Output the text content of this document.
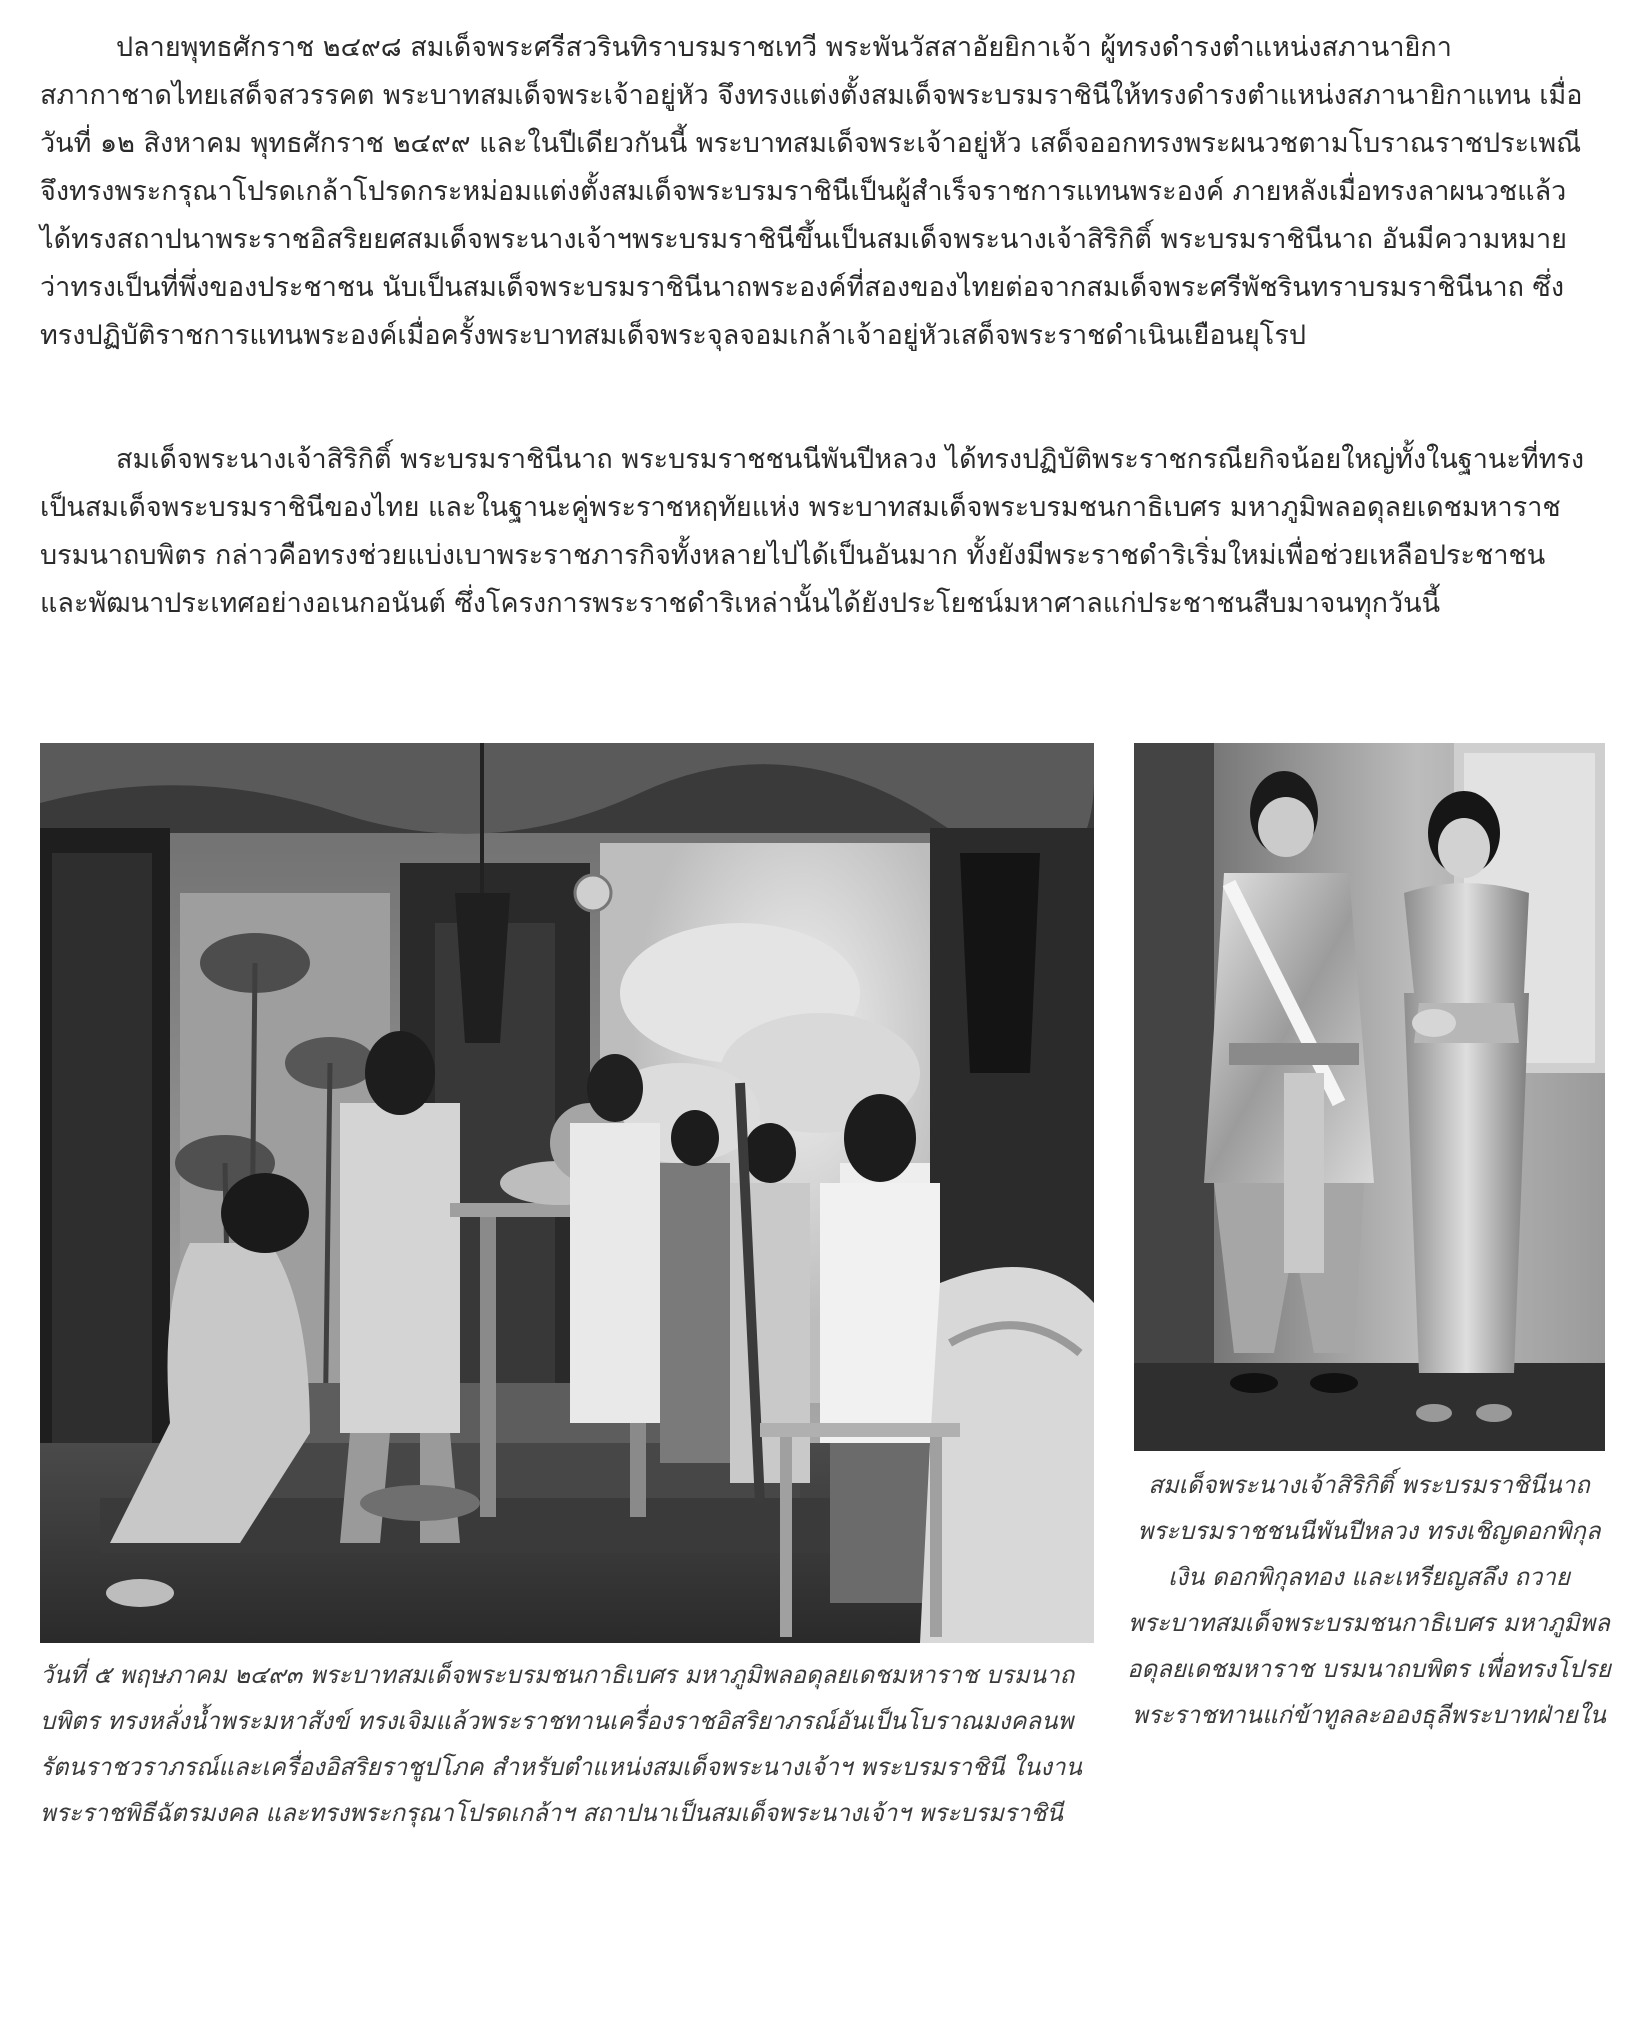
ปลายพุทธศักราช ๒๔๙๘ สมเด็จพระศรีสวรินทิราบรมราชเทวี พระพันวัสสาอัยยิกาเจ้า ผู้ทรงดำรงตำแหน่งสภานายิกาสภากาชาดไทยเสด็จสวรรคต พระบาทสมเด็จพระเจ้าอยู่หัว จึงทรงแต่งตั้งสมเด็จพระบรมราชินีให้ทรงดำรงตำแหน่งสภานายิกาแทน เมื่อวันที่ ๑๒ สิงหาคม พุทธศักราช ๒๔๙๙ และในปีเดียวกันนี้ พระบาทสมเด็จพระเจ้าอยู่หัว เสด็จออกทรงพระผนวชตามโบราณราชประเพณี จึงทรงพระกรุณาโปรดเกล้าโปรดกระหม่อมแต่งตั้งสมเด็จพระบรมราชินีเป็นผู้สำเร็จราชการแทนพระองค์ ภายหลังเมื่อทรงลาผนวชแล้ว ได้ทรงสถาปนาพระราชอิสริยยศสมเด็จพระนางเจ้าฯพระบรมราชินีขึ้นเป็นสมเด็จพระนางเจ้าสิริกิติ์ พระบรมราชินีนาถ อันมีความหมายว่าทรงเป็นที่พึ่งของประชาชน นับเป็นสมเด็จพระบรมราชินีนาถพระองค์ที่สองของไทยต่อจากสมเด็จพระศรีพัชรินทราบรมราชินีนาถ ซึ่งทรงปฏิบัติราชการแทนพระองค์เมื่อครั้งพระบาทสมเด็จพระจุลจอมเกล้าเจ้าอยู่หัวเสด็จพระราชดำเนินเยือนยุโรป

สมเด็จพระนางเจ้าสิริกิติ์ พระบรมราชินีนาถ พระบรมราชชนนีพันปีหลวง ได้ทรงปฏิบัติพระราชกรณียกิจน้อยใหญ่ทั้งในฐานะที่ทรงเป็นสมเด็จพระบรมราชินีของไทย และในฐานะคู่พระราชหฤทัยแห่ง พระบาทสมเด็จพระบรมชนกาธิเบศร มหาภูมิพลอดุลยเดชมหาราช บรมนาถบพิตร กล่าวคือทรงช่วยแบ่งเบาพระราชภารกิจทั้งหลายไปได้เป็นอันมาก ทั้งยังมีพระราชดำริเริ่มใหม่เพื่อช่วยเหลือประชาชนและพัฒนาประเทศอย่างอเนกอนันต์ ซึ่งโครงการพระราชดำริเหล่านั้นได้ยังประโยชน์มหาศาลแก่ประชาชนสืบมาจนทุกวันนี้

วันที่ ๕ พฤษภาคม ๒๔๙๓ พระบาทสมเด็จพระบรมชนกาธิเบศร มหาภูมิพลอดุลยเดชมหาราช บรมนาถบพิตร ทรงหลั่งน้ำพระมหาสังข์ ทรงเจิมแล้วพระราชทานเครื่องราชอิสริยาภรณ์อันเป็นโบราณมงคลนพรัตนราชวราภรณ์และเครื่องอิสริยราชูปโภค สำหรับตำแหน่งสมเด็จพระนางเจ้าฯ พระบรมราชินี ในงานพระราชพิธีฉัตรมงคล และทรงพระกรุณาโปรดเกล้าฯ สถาปนาเป็นสมเด็จพระนางเจ้าฯ พระบรมราชินี

สมเด็จพระนางเจ้าสิริกิติ์ พระบรมราชินีนาถ พระบรมราชชนนีพันปีหลวง ทรงเชิญดอกพิกุลเงิน ดอกพิกุลทอง และเหรียญสลึง ถวายพระบาทสมเด็จพระบรมชนกาธิเบศร มหาภูมิพลอดุลยเดชมหาราช บรมนาถบพิตร เพื่อทรงโปรยพระราชทานแก่ข้าทูลละอองธุลีพระบาทฝ่ายใน
